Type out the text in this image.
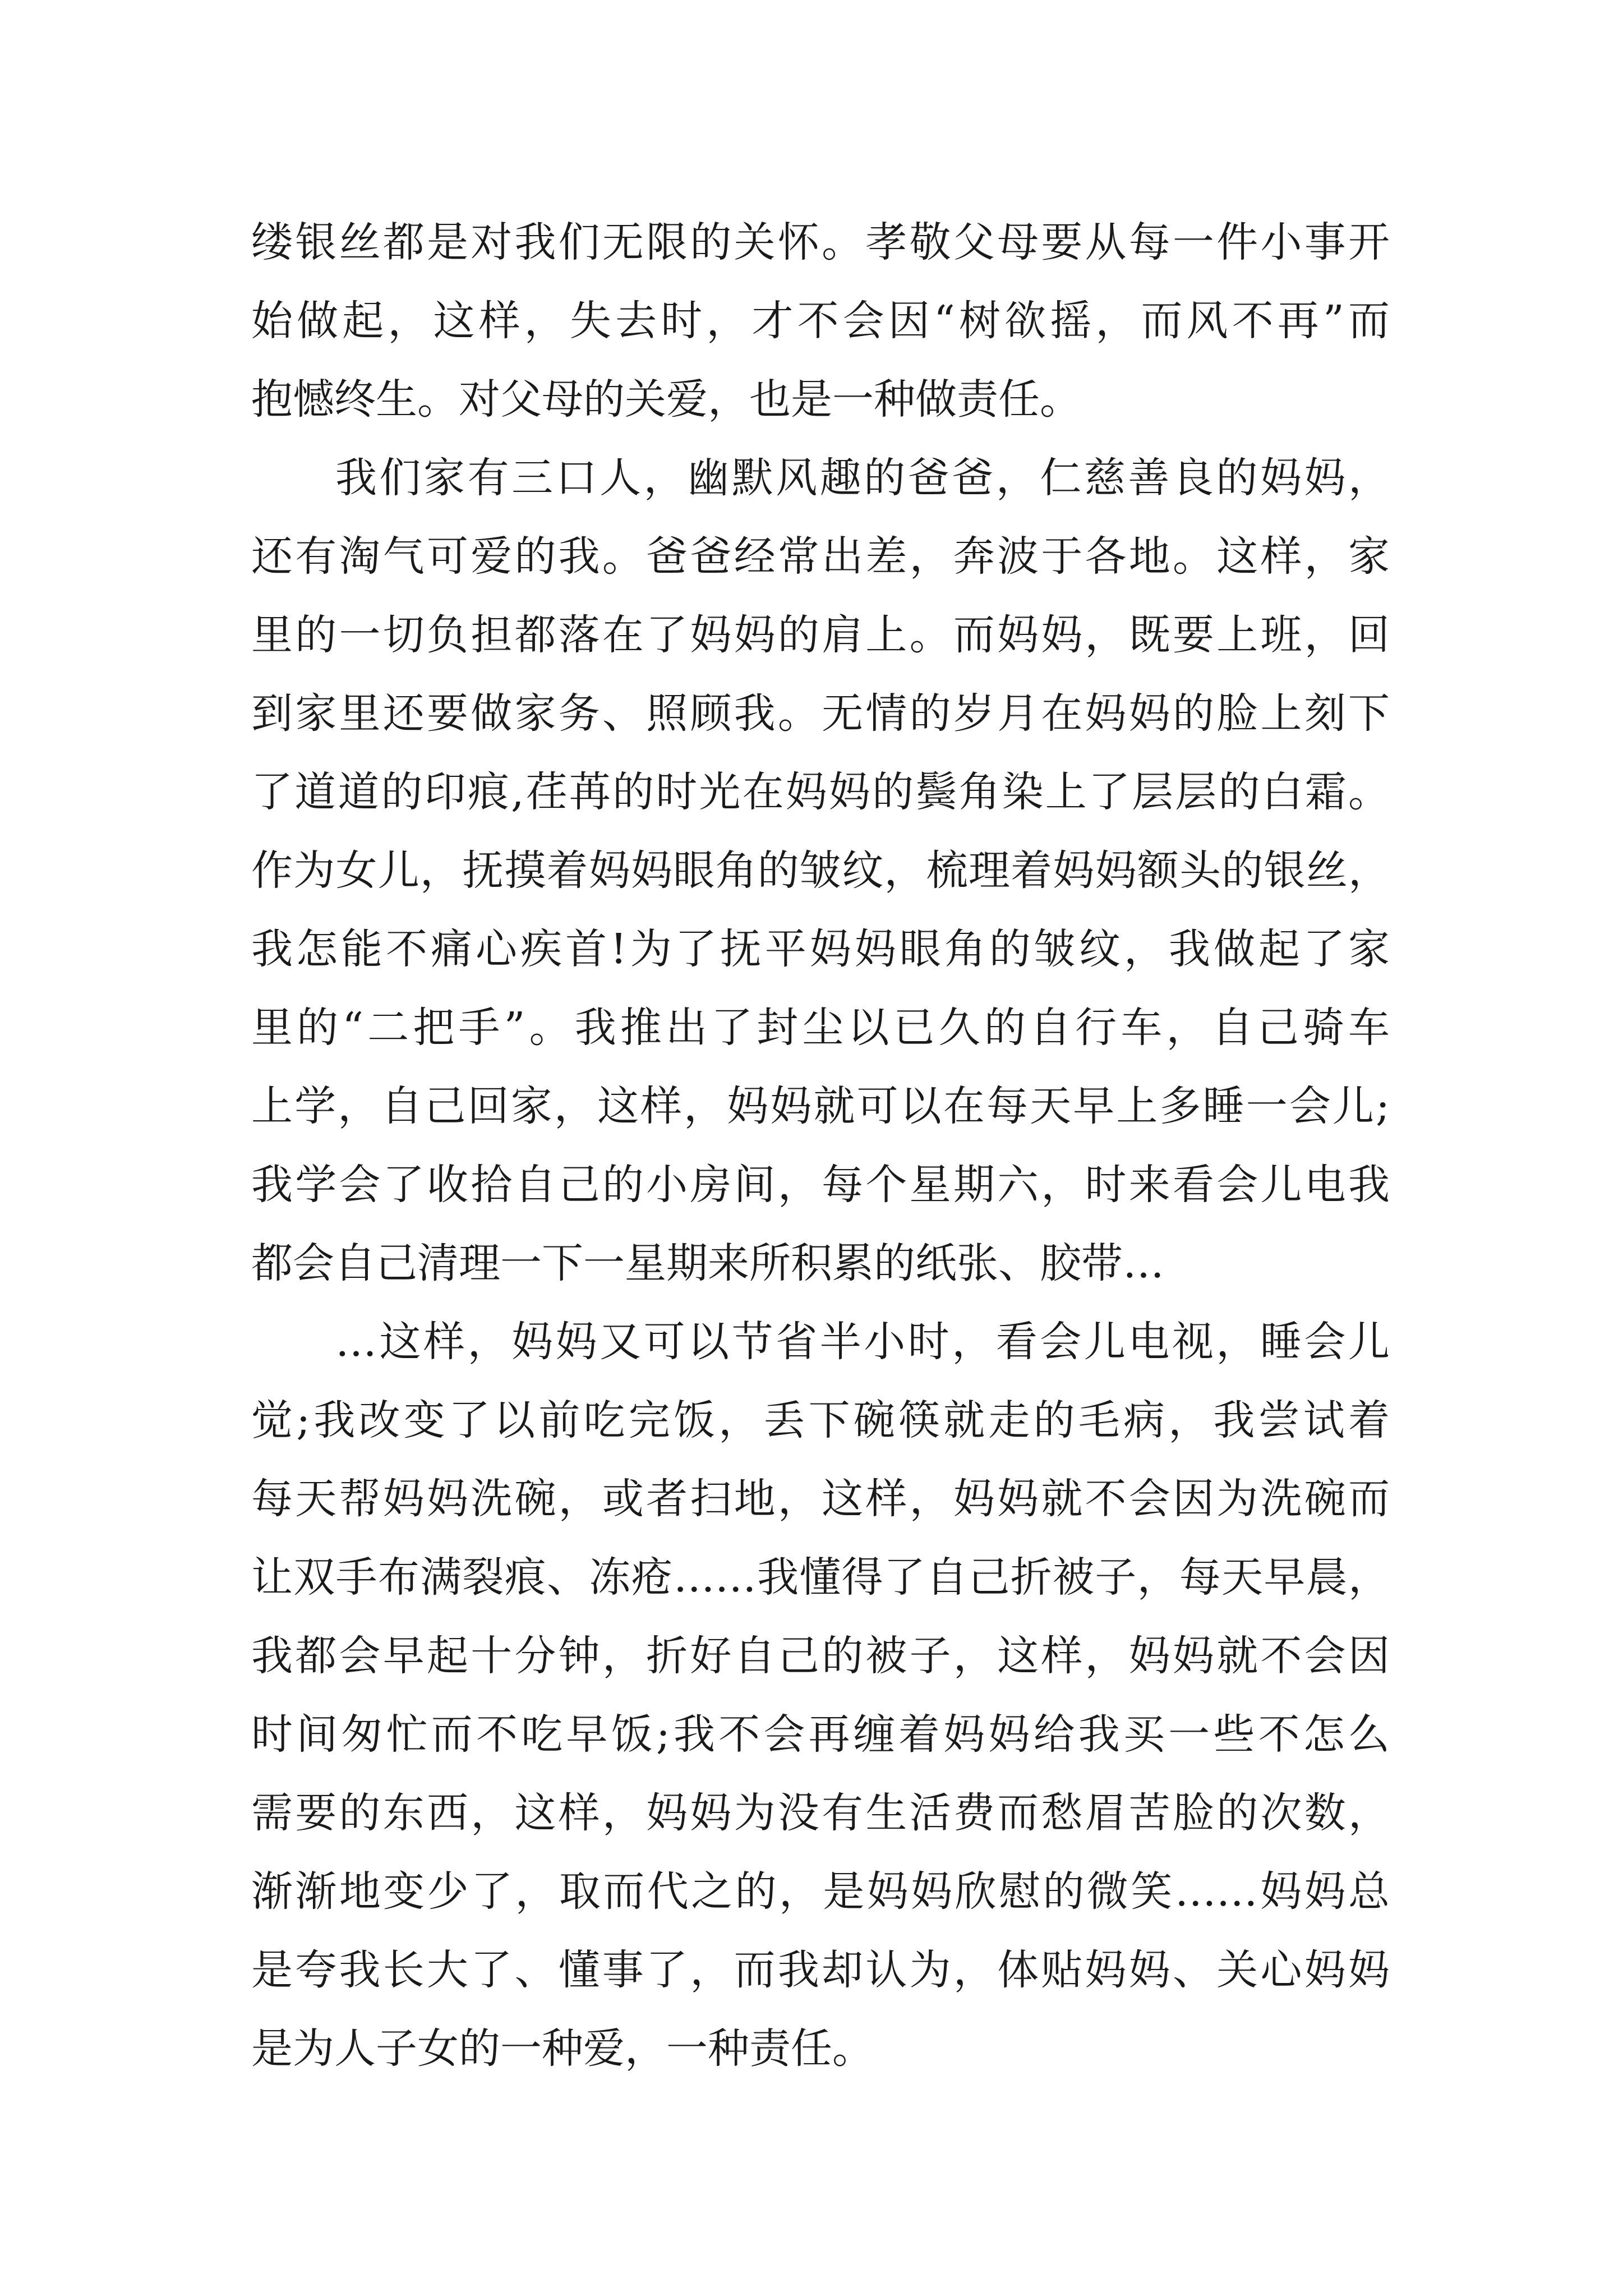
缕银丝都是对我们无限的关怀。孝敬父母要从每一件小事开

始做起，这样，失去时，才不会因“树欲摇，而风不再”而

抱憾终生。对父母的关爱，也是一种做责任。

我们家有三口人，幽默风趣的爸爸，仁慈善良的妈妈，

还有淘气可爱的我。爸爸经常出差，奔波于各地。这样，家

里的一切负担都落在了妈妈的肩上。而妈妈，既要上班，回

到家里还要做家务、照顾我。无情的岁月在妈妈的脸上刻下

了道道的印痕,荏苒的时光在妈妈的鬓角染上了层层的白霜。

作为女儿，抚摸着妈妈眼角的皱纹，梳理着妈妈额头的银丝，

我怎能不痛心疾首!为了抚平妈妈眼角的皱纹，我做起了家

里的“二把手”。我推出了封尘以已久的自行车，自己骑车

上学，自己回家，这样，妈妈就可以在每天早上多睡一会儿;

我学会了收拾自己的小房间，每个星期六，时来看会儿电我

都会自己清理一下一星期来所积累的纸张、胶带…

…这样，妈妈又可以节省半小时，看会儿电视，睡会儿

觉;我改变了以前吃完饭，丢下碗筷就走的毛病，我尝试着

每天帮妈妈洗碗，或者扫地，这样，妈妈就不会因为洗碗而

让双手布满裂痕、冻疮……我懂得了自己折被子，每天早晨，

我都会早起十分钟，折好自己的被子，这样，妈妈就不会因

时间匆忙而不吃早饭;我不会再缠着妈妈给我买一些不怎么

需要的东西，这样，妈妈为没有生活费而愁眉苦脸的次数，

渐渐地变少了，取而代之的，是妈妈欣慰的微笑……妈妈总

是夸我长大了、懂事了，而我却认为，体贴妈妈、关心妈妈

是为人子女的一种爱，一种责任。
